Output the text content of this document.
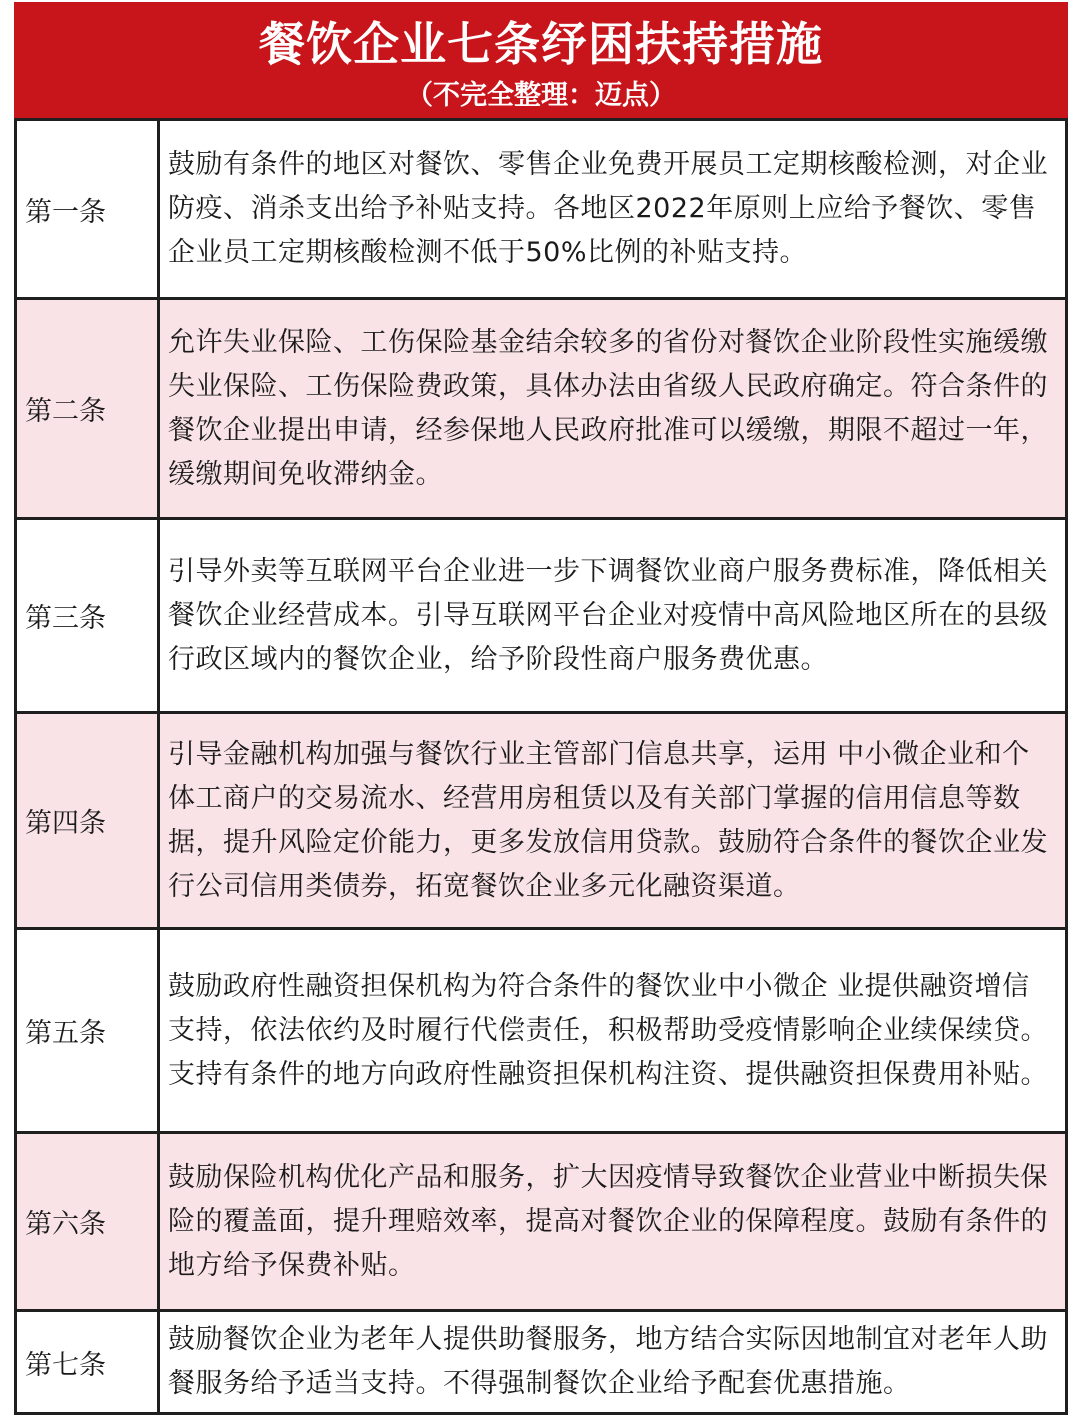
餐饮企业七条纾困扶持措施
（不完全整理：迈点）
第一条	鼓励有条件的地区对餐饮、零售企业免费开展员工定期核酸检测，对企业防疫、消杀支出给予补贴支持。各地区2022年原则上应给予餐饮、零售企业员工定期核酸检测不低于50%比例的补贴支持。
第二条	允许失业保险、工伤保险基金结余较多的省份对餐饮企业阶段性实施缓缴失业保险、工伤保险费政策，具体办法由省级人民政府确定。符合条件的餐饮企业提出申请，经参保地人民政府批准可以缓缴，期限不超过一年，缓缴期间免收滞纳金。
第三条	引导外卖等互联网平台企业进一步下调餐饮业商户服务费标准，降低相关餐饮企业经营成本。引导互联网平台企业对疫情中高风险地区所在的县级行政区域内的餐饮企业，给予阶段性商户服务费优惠。
第四条	引导金融机构加强与餐饮行业主管部门信息共享，运用 中小微企业和个体工商户的交易流水、经营用房租赁以及有关部门掌握的信用信息等数据，提升风险定价能力，更多发放信用贷款。鼓励符合条件的餐饮企业发行公司信用类债券，拓宽餐饮企业多元化融资渠道。
第五条	鼓励政府性融资担保机构为符合条件的餐饮业中小微企 业提供融资增信支持，依法依约及时履行代偿责任，积极帮助受疫情影响企业续保续贷。支持有条件的地方向政府性融资担保机构注资、提供融资担保费用补贴。
第六条	鼓励保险机构优化产品和服务，扩大因疫情导致餐饮企业营业中断损失保险的覆盖面，提升理赔效率，提高对餐饮企业的保障程度。鼓励有条件的地方给予保费补贴。
第七条	鼓励餐饮企业为老年人提供助餐服务，地方结合实际因地制宜对老年人助餐服务给予适当支持。不得强制餐饮企业给予配套优惠措施。
